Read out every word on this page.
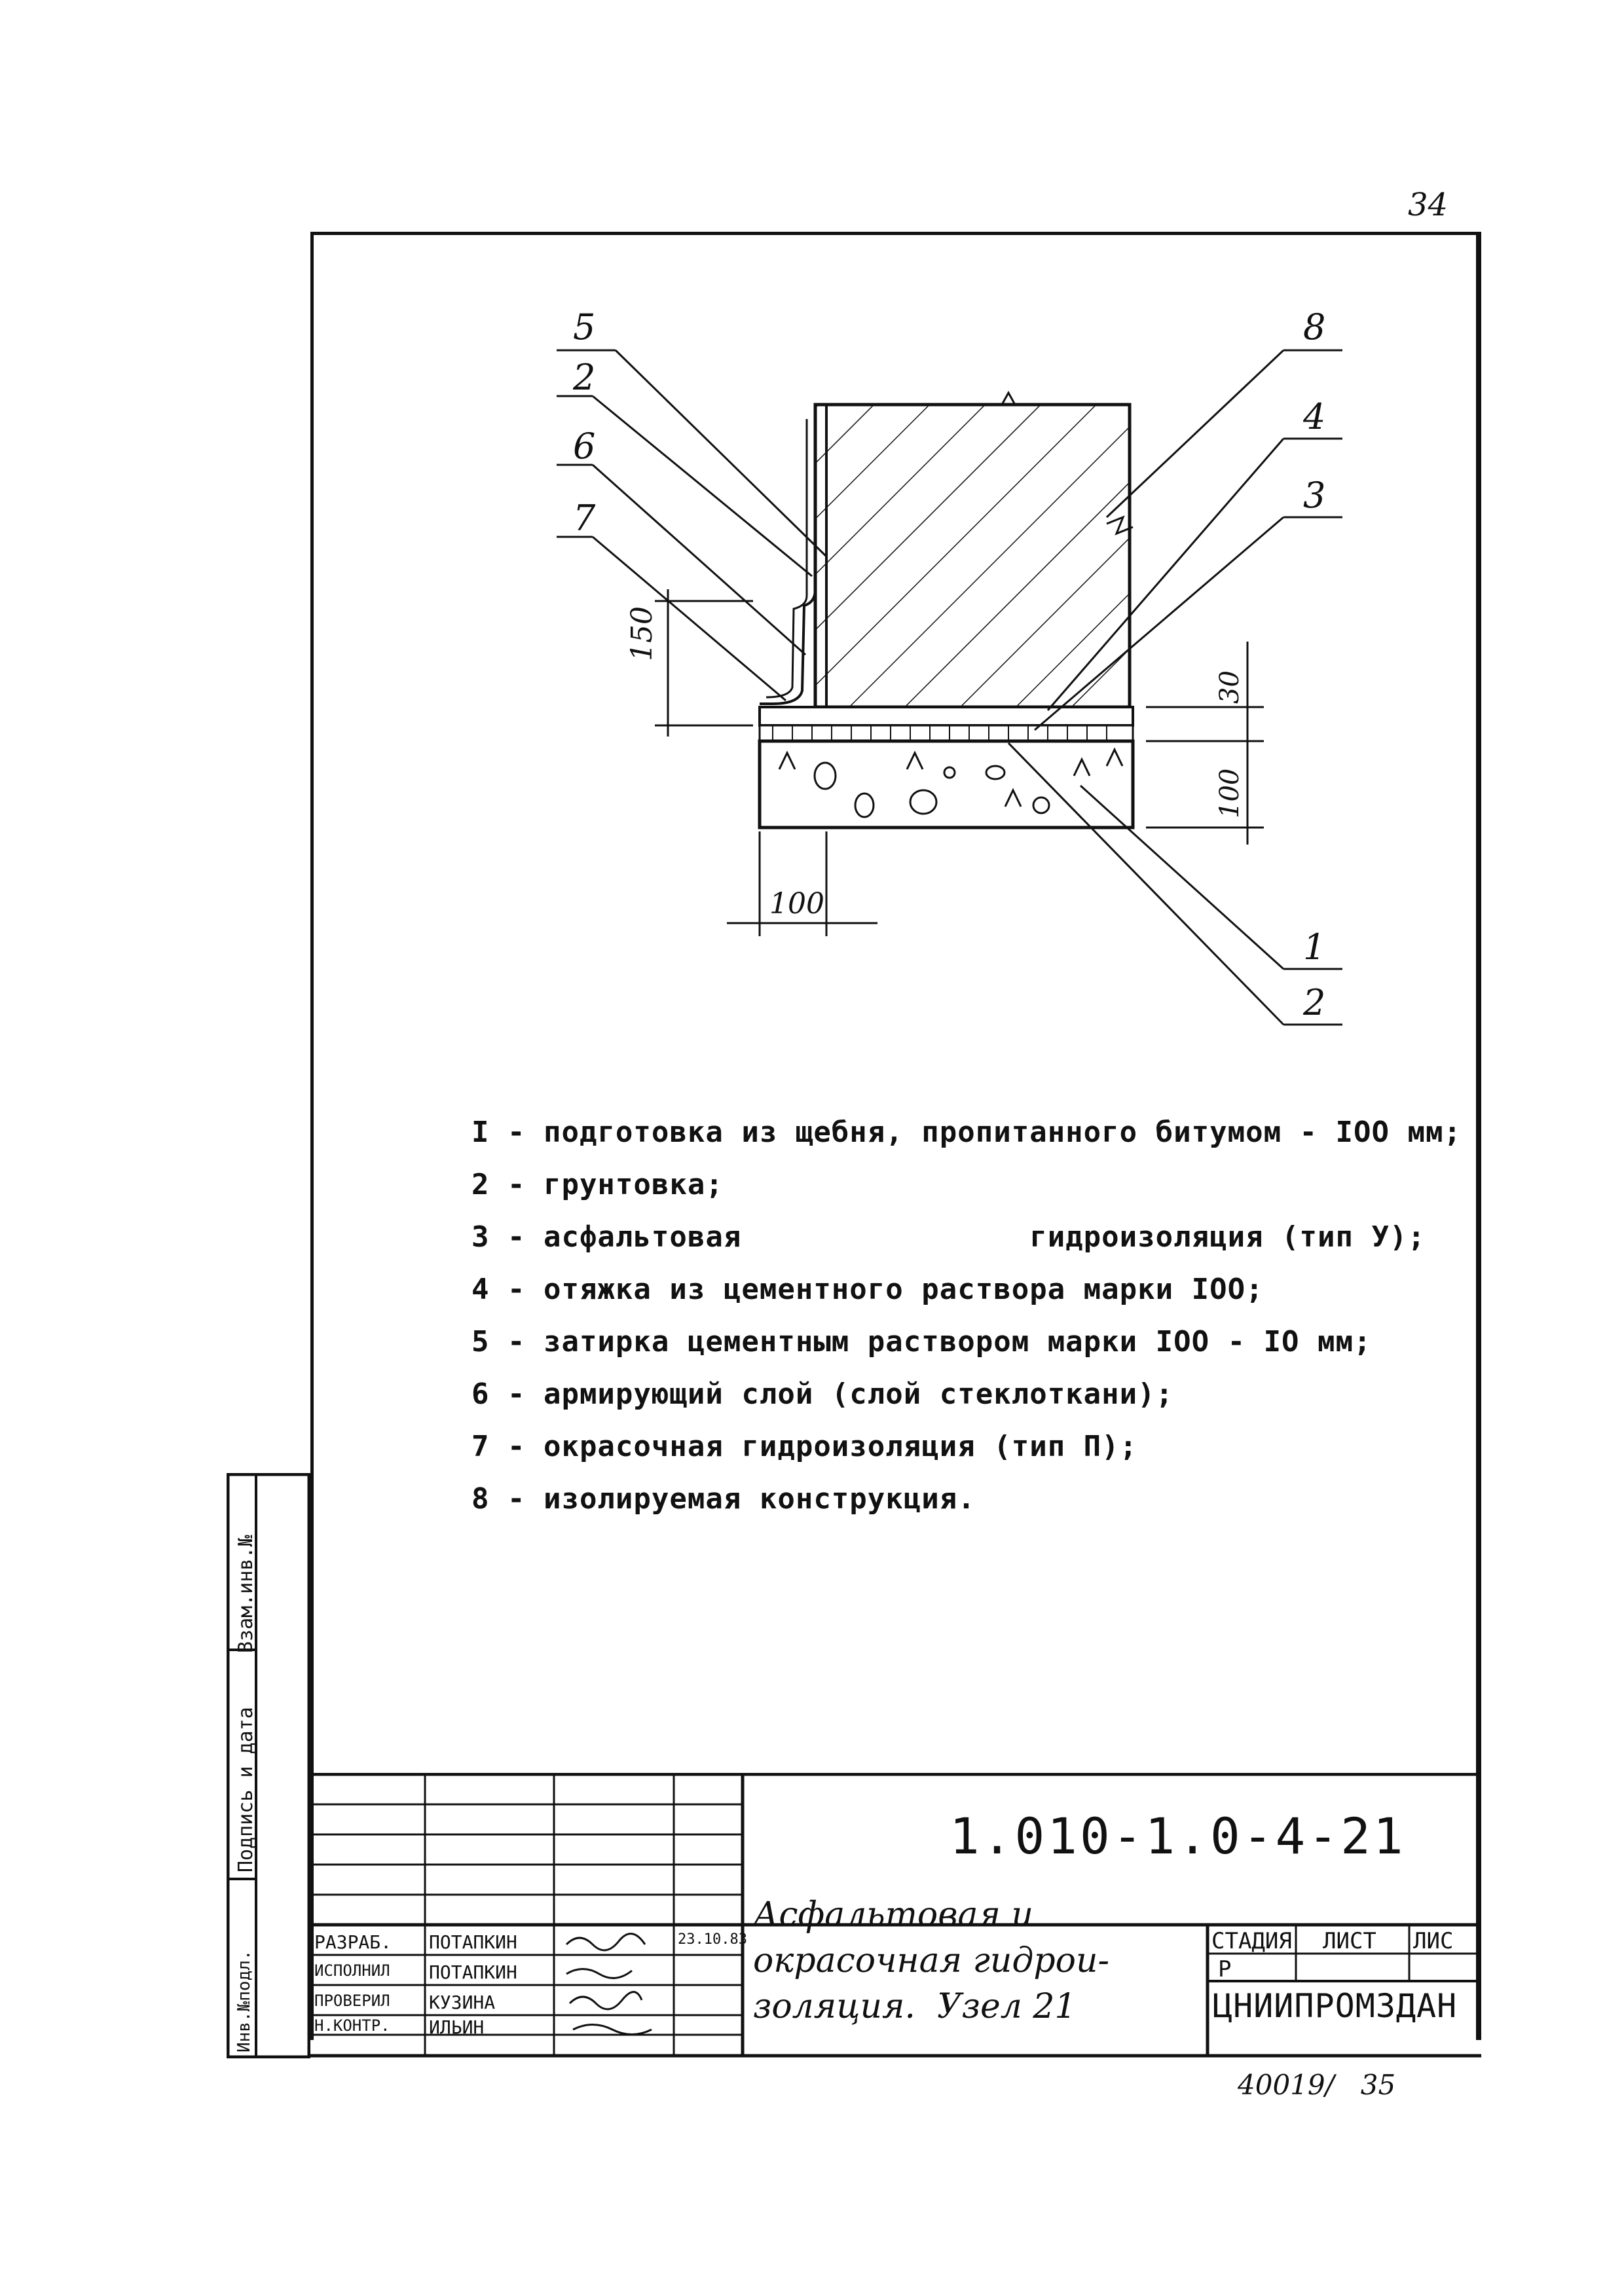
34
5
2
6
7
8
4
3
1
2
150
30
100
100
I - подготовка из щебня, пропитанного битумом - IOO мм;
2 - грунтовка;
3 - асфальтовая                гидроизоляция (тип У);
4 - отяжка из цементного раствора марки IOO;
5 - затирка цементным раствором марки IOO - IO мм;
6 - армирующий слой (слой стеклоткани);
7 - окрасочная гидроизоляция (тип П);
8 - изолируемая конструкция.
Взам.инв.№
Подпись и дата
Инв.№подл.
1.010-1.0-4-21
Асфальтовая и
окрасочная гидрои-
золяция.  Узел 21
СТАДИЯ
Р
ЛИСТ ЛИС
ЦНИИПРОМЗДАН
РАЗРАБ. ПОТАПКИН	23.10.83
ИСПОЛНИЛ ПОТАПКИН
ПРОВЕРИЛ КУЗИНА
Н.КОНТР. ИЛЬИН
40019/   35
